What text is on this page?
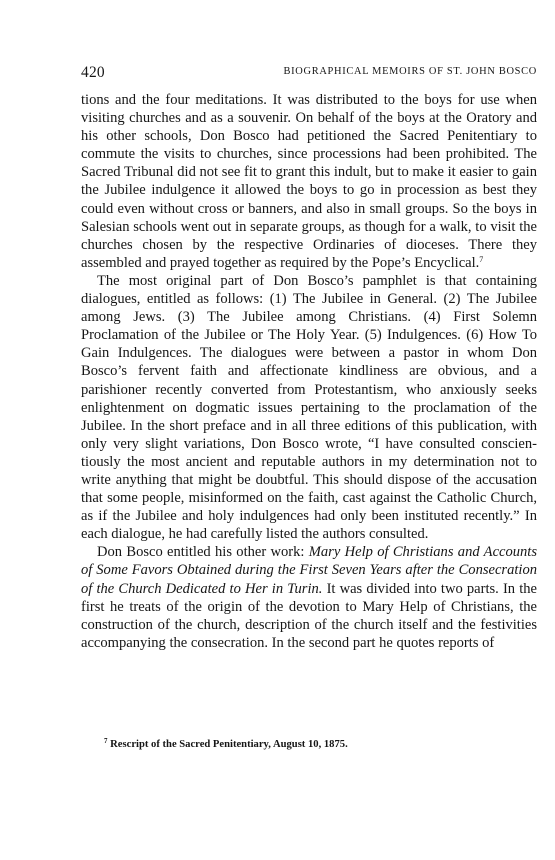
420	BIOGRAPHICAL MEMOIRS OF ST. JOHN BOSCO

tions and the four meditations. It was distributed to the boys for use when visiting churches and as a souvenir. On behalf of the boys at the Oratory and his other schools, Don Bosco had petitioned the Sacred Penitentiary to commute the visits to churches, since processions had been prohibited. The Sacred Tribunal did not see fit to grant this indult, but to make it easier to gain the Jubilee indulgence it allowed the boys to go in procession as best they could even without cross or banners, and also in small groups. So the boys in Salesian schools went out in separate groups, as though for a walk, to visit the churches chosen by the respective Ordinaries of dioceses. There they assembled and prayed together as required by the Pope’s Encyclical.$^7$

The most original part of Don Bosco’s pamphlet is that containing dialogues, entitled as follows: (1) The Jubilee in General. (2) The Jubilee among Jews. (3) The Jubilee among Christians. (4) First Solemn Proclamation of the Jubilee or The Holy Year. (5) Indulgences. (6) How To Gain Indulgences. The dialogues were between a pastor in whom Don Bosco’s fervent faith and affectionate kindliness are obvious, and a parishioner recently converted from Protestantism, who anxiously seeks enlightenment on dogmatic issues pertaining to the proclamation of the Jubilee. In the short preface and in all three editions of this publication, with only very slight variations, Don Bosco wrote, “I have consulted conscientiously the most ancient and reputable authors in my determination not to write anything that might be doubtful. This should dispose of the accusation that some people, misinformed on the faith, cast against the Catholic Church, as if the Jubilee and holy indulgences had only been instituted recently.” In each dialogue, he had carefully listed the authors consulted.

Don Bosco entitled his other work: Mary Help of Christians and Accounts of Some Favors Obtained during the First Seven Years after the Consecration of the Church Dedicated to Her in Turin. It was divided into two parts. In the first he treats of the origin of the devotion to Mary Help of Christians, the construction of the church, description of the church itself and the festivities accompanying the consecration. In the second part he quotes reports of

$^7$ Rescript of the Sacred Penitentiary, August 10, 1875.
